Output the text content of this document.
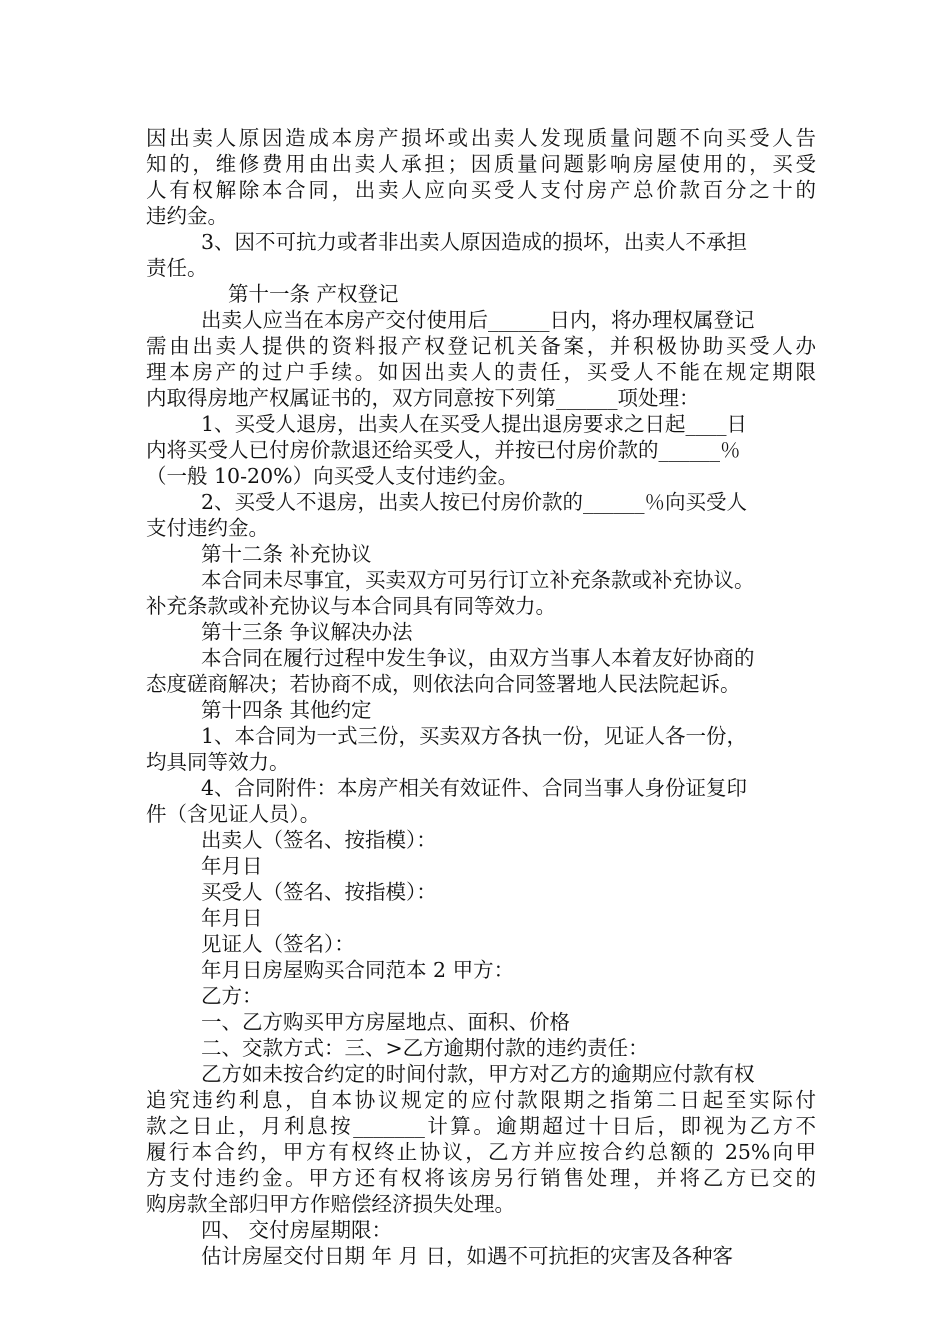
因出卖人原因造成本房产损坏或出卖人发现质量问题不向买受人告
知的，维修费用由出卖人承担；因质量问题影响房屋使用的，买受
人有权解除本合同，出卖人应向买受人支付房产总价款百分之十的
违约金。
3、因不可抗力或者非出卖人原因造成的损坏，出卖人不承担
责任。
第十一条 产权登记
出卖人应当在本房产交付使用后______日内，将办理权属登记
需由出卖人提供的资料报产权登记机关备案，并积极协助买受人办
理本房产的过户手续。如因出卖人的责任，买受人不能在规定期限
内取得房地产权属证书的，双方同意按下列第______项处理：
1、买受人退房，出卖人在买受人提出退房要求之日起____日
内将买受人已付房价款退还给买受人，并按已付房价款的______％
（一般 10-20%）向买受人支付违约金。
2、买受人不退房，出卖人按已付房价款的______％向买受人
支付违约金。
第十二条 补充协议
本合同未尽事宜，买卖双方可另行订立补充条款或补充协议。
补充条款或补充协议与本合同具有同等效力。
第十三条 争议解决办法
本合同在履行过程中发生争议，由双方当事人本着友好协商的
态度磋商解决；若协商不成，则依法向合同签署地人民法院起诉。
第十四条 其他约定
1、本合同为一式三份，买卖双方各执一份，见证人各一份，
均具同等效力。
4、合同附件：本房产相关有效证件、合同当事人身份证复印
件（含见证人员）。
出卖人（签名、按指模）：
年月日
买受人（签名、按指模）：
年月日
见证人（签名）：
年月日房屋购买合同范本 2 甲方：
乙方：
一、乙方购买甲方房屋地点、面积、价格
二、交款方式：三、>乙方逾期付款的违约责任：
乙方如未按合约定的时间付款，甲方对乙方的逾期应付款有权
追究违约利息，自本协议规定的应付款限期之指第二日起至实际付
款之日止，月利息按_______计算。逾期超过十日后，即视为乙方不
履行本合约，甲方有权终止协议，乙方并应按合约总额的 25%向甲
方支付违约金。甲方还有权将该房另行销售处理，并将乙方已交的
购房款全部归甲方作赔偿经济损失处理。
四、 交付房屋期限：
估计房屋交付日期 年 月 日，如遇不可抗拒的灾害及各种客
